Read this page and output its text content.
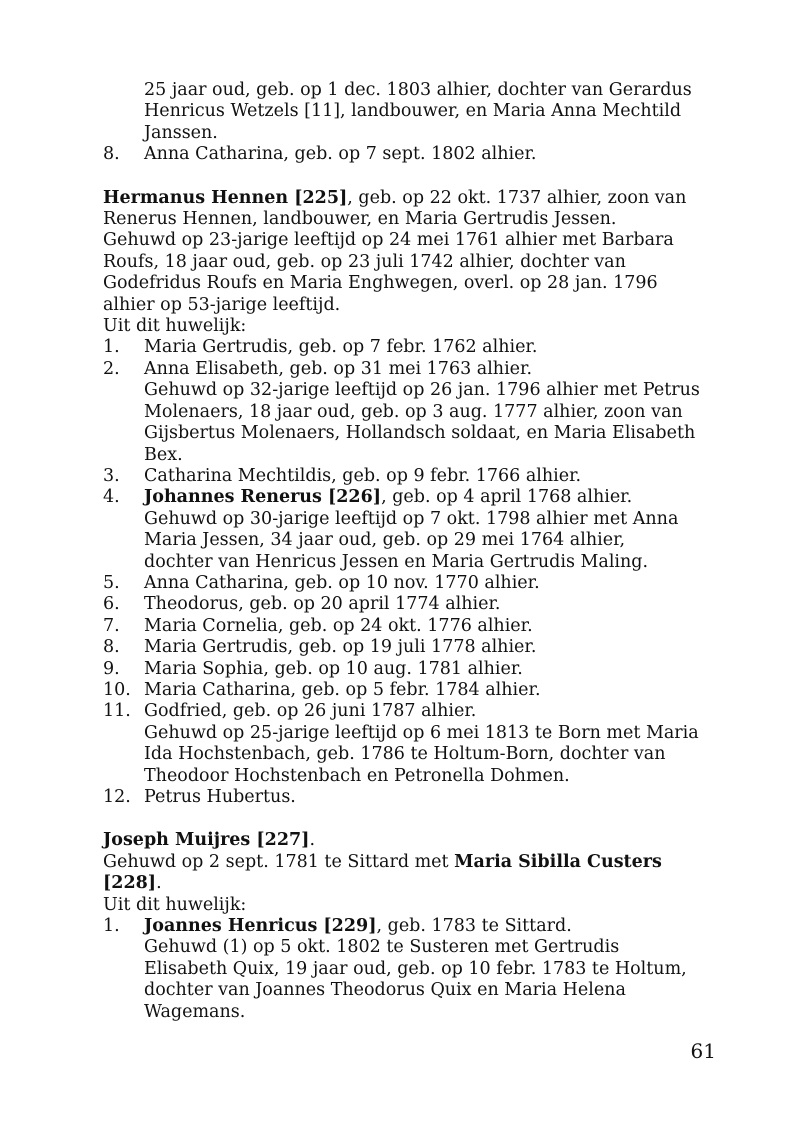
25 jaar oud, geb. op 1 dec. 1803 alhier, dochter van Gerardus
Henricus Wetzels [11], landbouwer, en Maria Anna Mechtild
Janssen.
8.	Anna Catharina, geb. op 7 sept. 1802 alhier.
Hermanus Hennen [225], geb. op 22 okt. 1737 alhier, zoon van
Renerus Hennen, landbouwer, en Maria Gertrudis Jessen.
Gehuwd op 23-jarige leeftijd op 24 mei 1761 alhier met Barbara
Roufs, 18 jaar oud, geb. op 23 juli 1742 alhier, dochter van
Godefridus Roufs en Maria Enghwegen, overl. op 28 jan. 1796
alhier op 53-jarige leeftijd.
Uit dit huwelijk:
1.	Maria Gertrudis, geb. op 7 febr. 1762 alhier.
2.	Anna Elisabeth, geb. op 31 mei 1763 alhier.
Gehuwd op 32-jarige leeftijd op 26 jan. 1796 alhier met Petrus
Molenaers, 18 jaar oud, geb. op 3 aug. 1777 alhier, zoon van
Gijsbertus Molenaers, Hollandsch soldaat, en Maria Elisabeth
Bex.
3.	Catharina Mechtildis, geb. op 9 febr. 1766 alhier.
4.	Johannes Renerus [226], geb. op 4 april 1768 alhier.
Gehuwd op 30-jarige leeftijd op 7 okt. 1798 alhier met Anna
Maria Jessen, 34 jaar oud, geb. op 29 mei 1764 alhier,
dochter van Henricus Jessen en Maria Gertrudis Maling.
5.	Anna Catharina, geb. op 10 nov. 1770 alhier.
6.	Theodorus, geb. op 20 april 1774 alhier.
7.	Maria Cornelia, geb. op 24 okt. 1776 alhier.
8.	Maria Gertrudis, geb. op 19 juli 1778 alhier.
9.	Maria Sophia, geb. op 10 aug. 1781 alhier.
10. Maria Catharina, geb. op 5 febr. 1784 alhier.
11. Godfried, geb. op 26 juni 1787 alhier.
Gehuwd op 25-jarige leeftijd op 6 mei 1813 te Born met Maria
Ida Hochstenbach, geb. 1786 te Holtum-Born, dochter van
Theodoor Hochstenbach en Petronella Dohmen.
12. Petrus Hubertus.
Joseph Muijres [227].
Gehuwd op 2 sept. 1781 te Sittard met Maria Sibilla Custers
[228].
Uit dit huwelijk:
1.	Joannes Henricus [229], geb. 1783 te Sittard.
Gehuwd (1) op 5 okt. 1802 te Susteren met Gertrudis
Elisabeth Quix, 19 jaar oud, geb. op 10 febr. 1783 te Holtum,
dochter van Joannes Theodorus Quix en Maria Helena
Wagemans.
61
